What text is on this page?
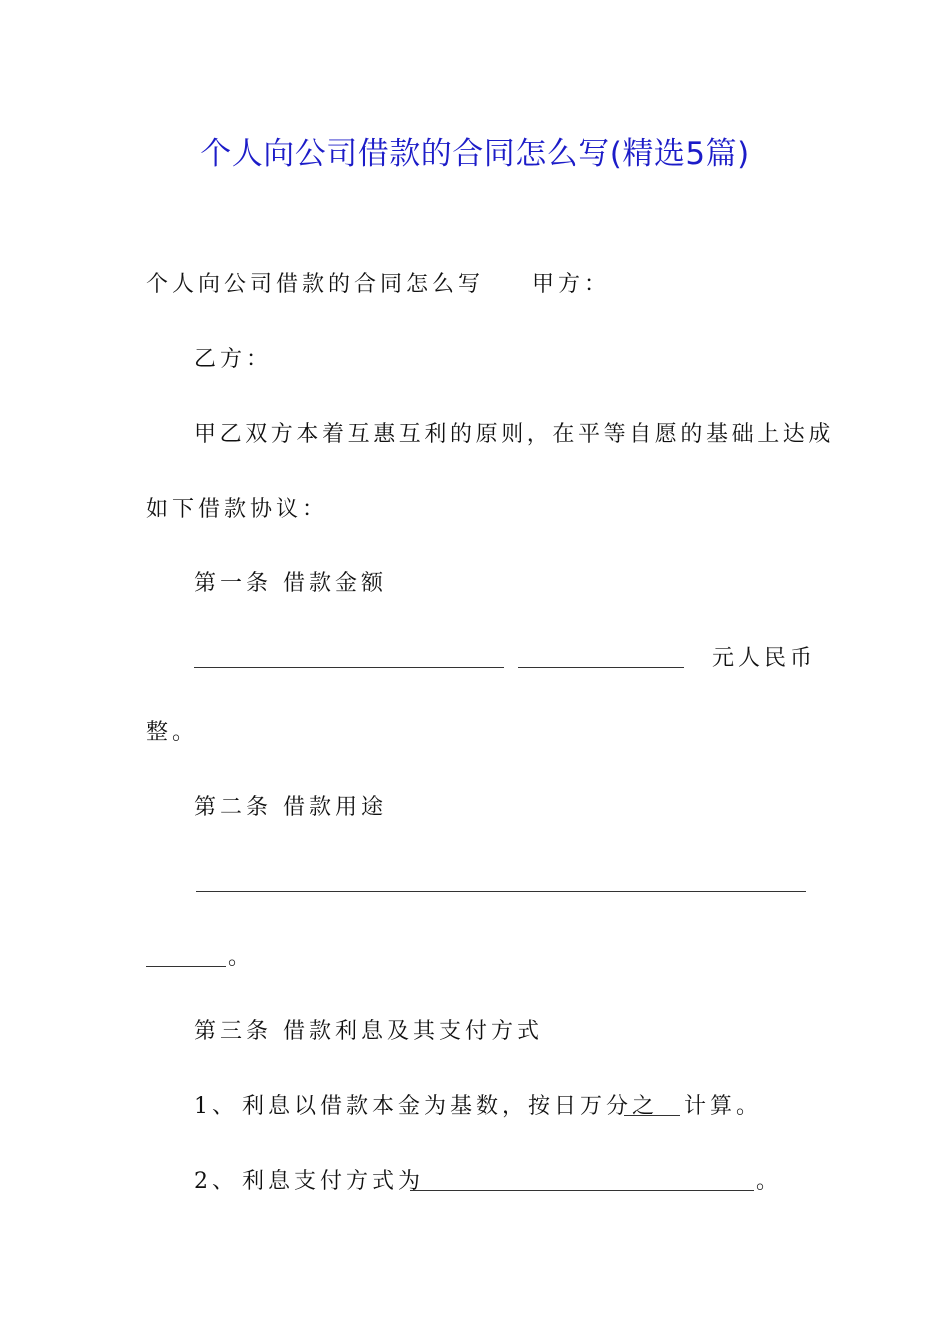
个人向公司借款的合同怎么写(精选5篇)
个人向公司借款的合同怎么写 甲方：
乙方：
甲乙双方本着互惠互利的原则，在平等自愿的基础上达成
如下借款协议：
第一条 借款金额
元人民币
整。
第二条 借款用途
。
第三条 借款利息及其支付方式
1、 利息以借款本金为基数，按日万分之 计算。
2、 利息支付方式为	。
